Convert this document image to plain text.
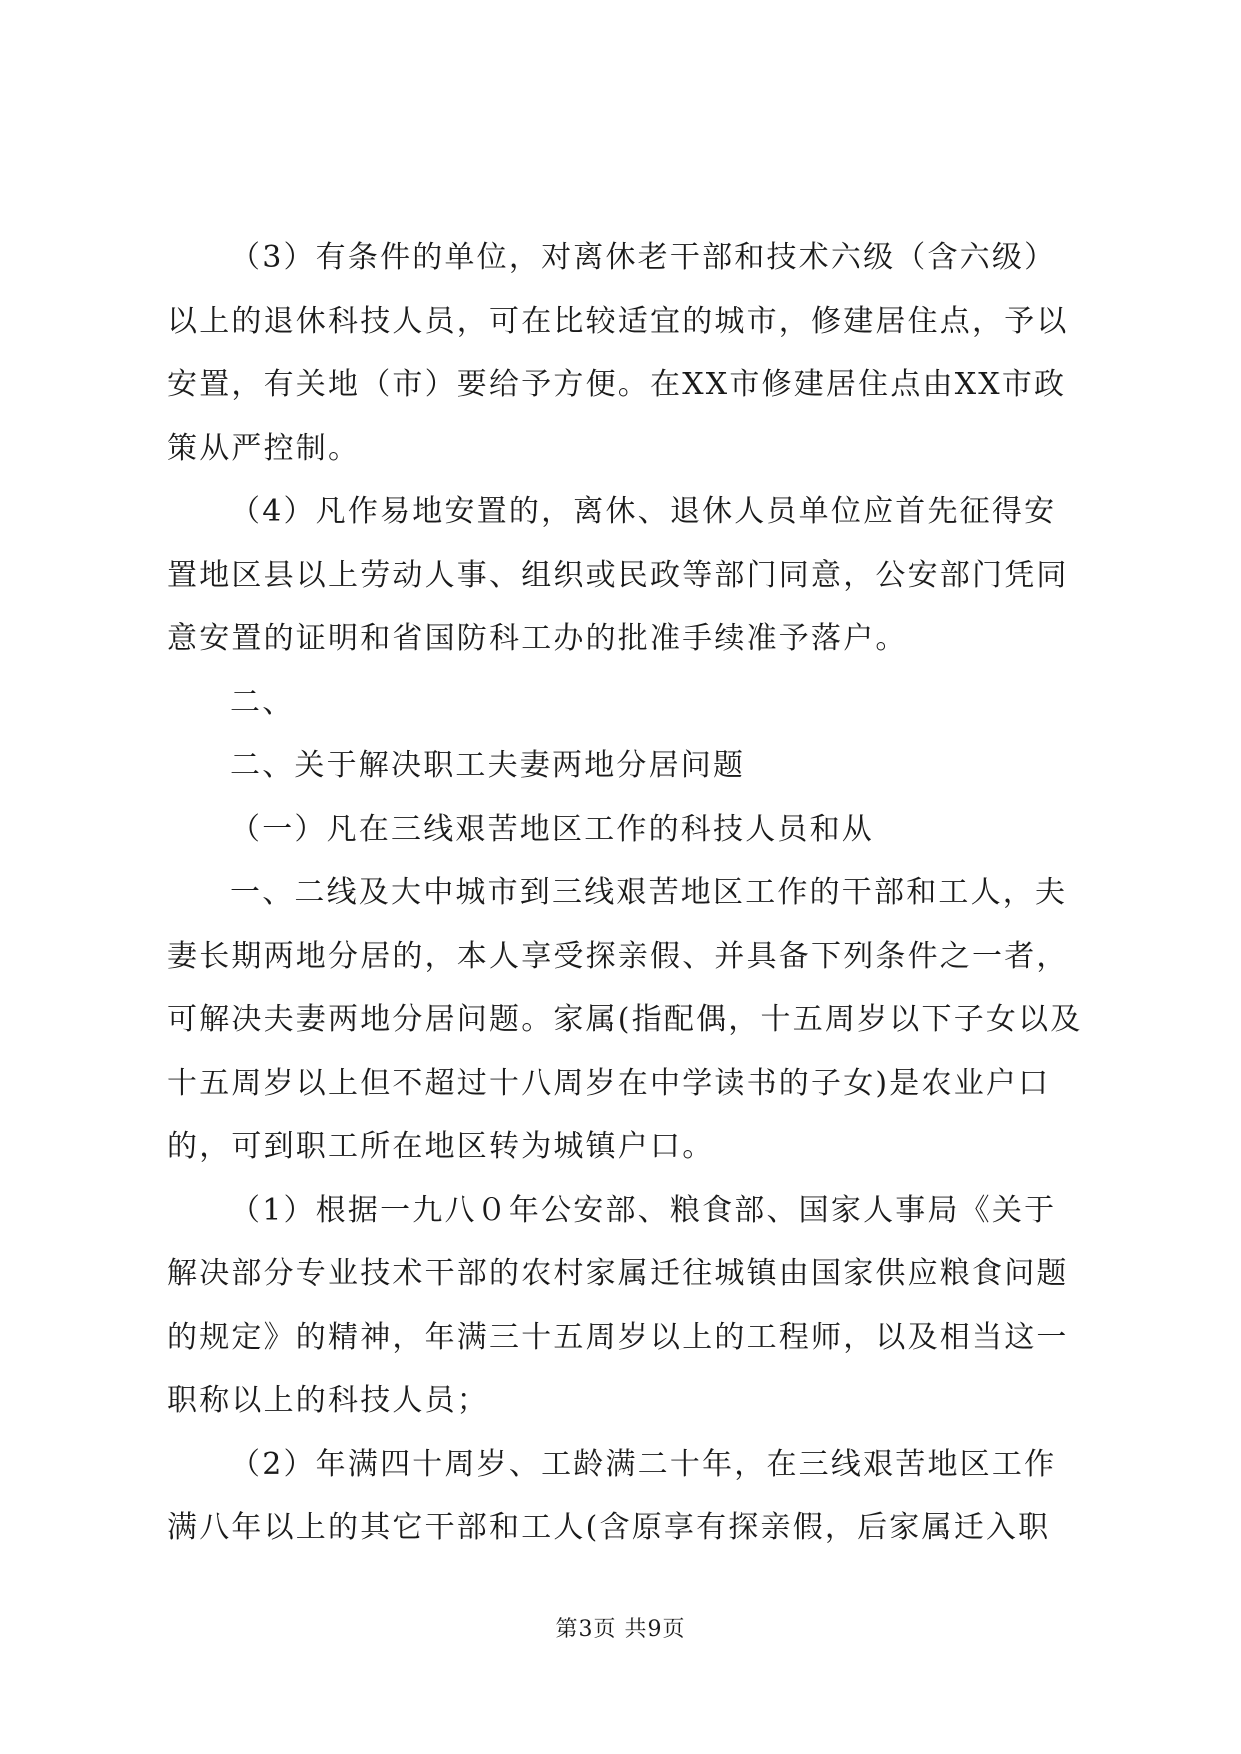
（3）有条件的单位，对离休老干部和技术六级（含六级）以上的退休科技人员，可在比较适宜的城市，修建居住点，予以安置，有关地（市）要给予方便。在XX市修建居住点由XX市政策从严控制。

（4）凡作易地安置的，离休、退休人员单位应首先征得安置地区县以上劳动人事、组织或民政等部门同意，公安部门凭同意安置的证明和省国防科工办的批准手续准予落户。

二、

二、关于解决职工夫妻两地分居问题

（一）凡在三线艰苦地区工作的科技人员和从

一、二线及大中城市到三线艰苦地区工作的干部和工人，夫妻长期两地分居的，本人享受探亲假、并具备下列条件之一者，可解决夫妻两地分居问题。家属(指配偶，十五周岁以下子女以及十五周岁以上但不超过十八周岁在中学读书的子女)是农业户口的，可到职工所在地区转为城镇户口。

（1）根据一九八０年公安部、粮食部、国家人事局《关于解决部分专业技术干部的农村家属迁往城镇由国家供应粮食问题的规定》的精神，年满三十五周岁以上的工程师，以及相当这一职称以上的科技人员；

（2）年满四十周岁、工龄满二十年，在三线艰苦地区工作满八年以上的其它干部和工人(含原享有探亲假，后家属迁入职

第3页 共9页
